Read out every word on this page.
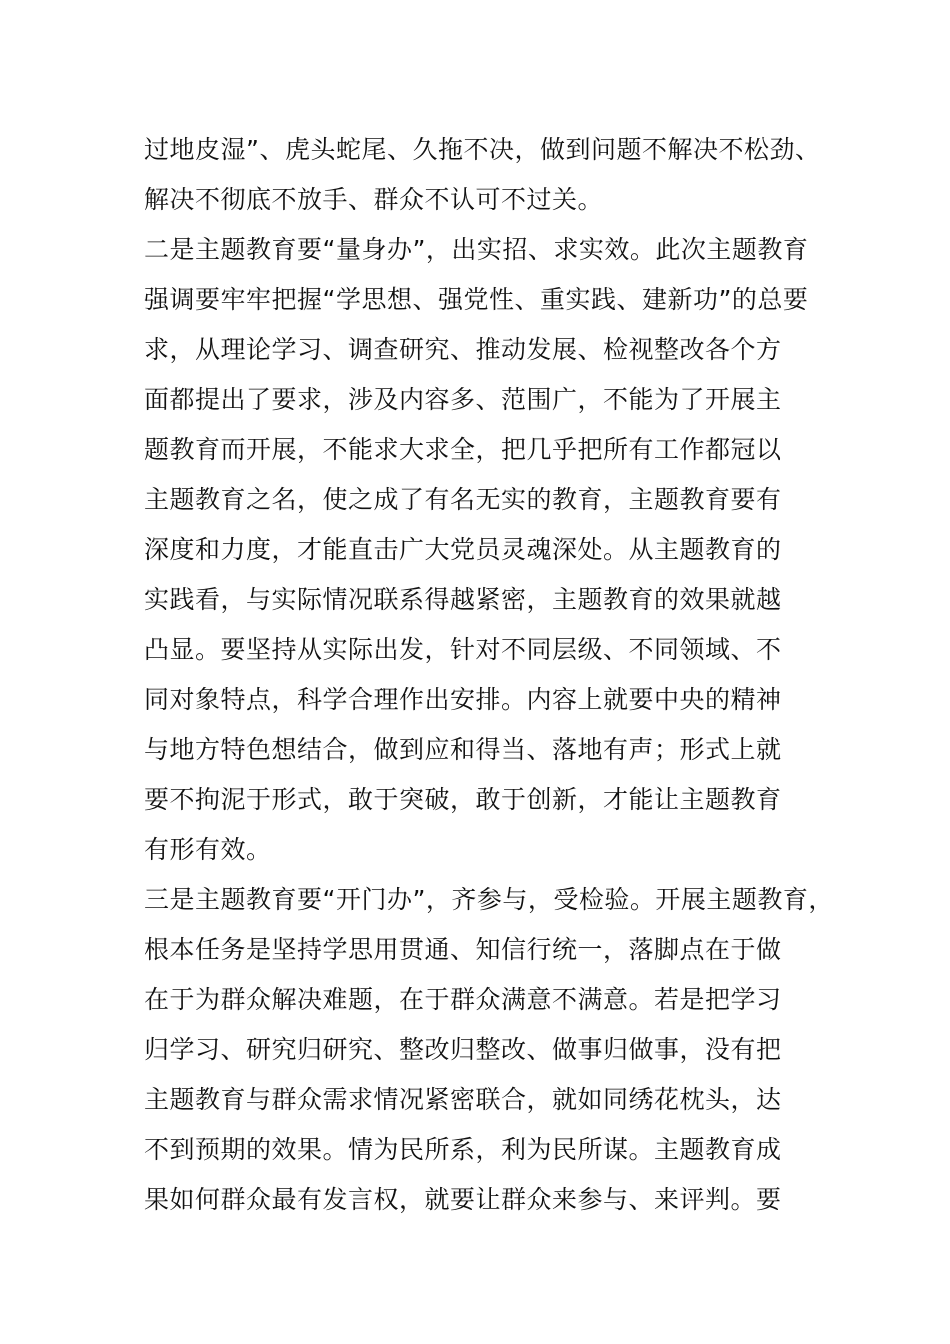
过地皮湿”、虎头蛇尾、久拖不决，做到问题不解决不松劲、
解决不彻底不放手、群众不认可不过关。
二是主题教育要“量身办”，出实招、求实效。此次主题教育
强调要牢牢把握“学思想、强党性、重实践、建新功”的总要
求，从理论学习、调查研究、推动发展、检视整改各个方
面都提出了要求，涉及内容多、范围广，不能为了开展主
题教育而开展，不能求大求全，把几乎把所有工作都冠以
主题教育之名，使之成了有名无实的教育，主题教育要有
深度和力度，才能直击广大党员灵魂深处。从主题教育的
实践看，与实际情况联系得越紧密，主题教育的效果就越
凸显。要坚持从实际出发，针对不同层级、不同领域、不
同对象特点，科学合理作出安排。内容上就要中央的精神
与地方特色想结合，做到应和得当、落地有声；形式上就
要不拘泥于形式，敢于突破，敢于创新，才能让主题教育
有形有效。
三是主题教育要“开门办”，齐参与，受检验。开展主题教育，
根本任务是坚持学思用贯通、知信行统一，落脚点在于做
在于为群众解决难题，在于群众满意不满意。若是把学习
归学习、研究归研究、整改归整改、做事归做事，没有把
主题教育与群众需求情况紧密联合，就如同绣花枕头，达
不到预期的效果。情为民所系，利为民所谋。主题教育成
果如何群众最有发言权，就要让群众来参与、来评判。要
